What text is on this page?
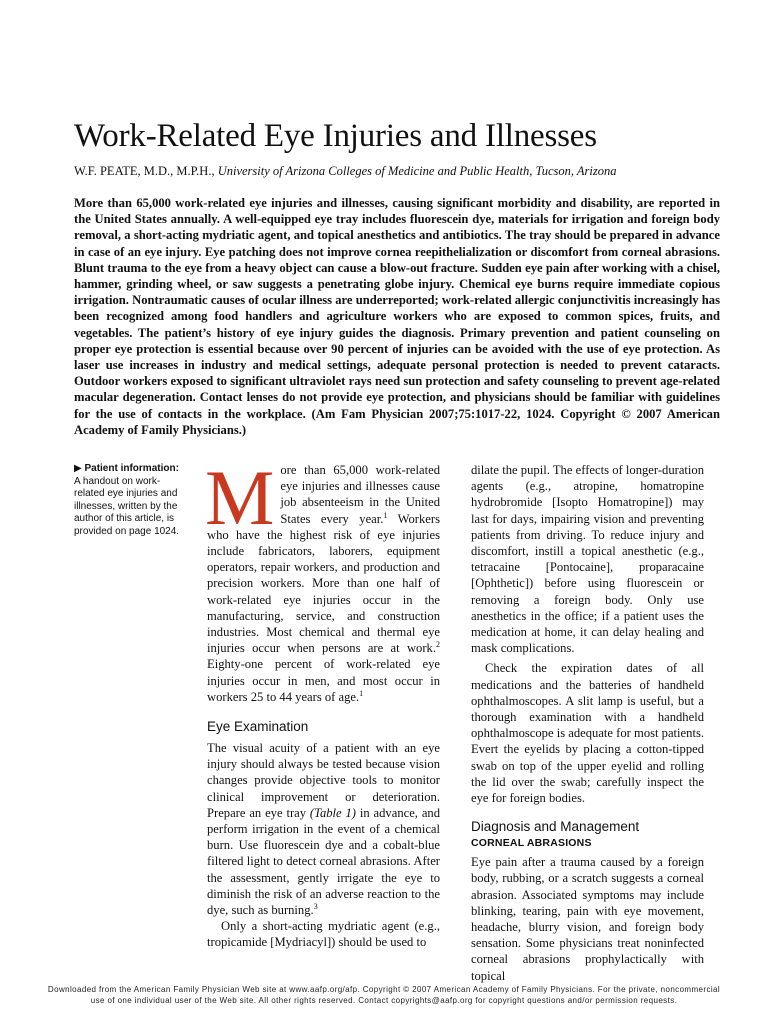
Work-Related Eye Injuries and Illnesses
W.F. PEATE, M.D., M.P.H., University of Arizona Colleges of Medicine and Public Health, Tucson, Arizona

More than 65,000 work-related eye injuries and illnesses, causing significant morbidity and disability, are reported in the United States annually. A well-equipped eye tray includes fluorescein dye, materials for irrigation and foreign body removal, a short-acting mydriatic agent, and topical anesthetics and antibiotics. The tray should be prepared in advance in case of an eye injury. Eye patching does not improve cornea reepithelialization or discomfort from corneal abrasions. Blunt trauma to the eye from a heavy object can cause a blow-out fracture. Sudden eye pain after working with a chisel, hammer, grinding wheel, or saw suggests a penetrating globe injury. Chemical eye burns require immediate copious irrigation. Nontraumatic causes of ocular illness are underreported; work-related allergic conjunctivitis increasingly has been recognized among food handlers and agriculture workers who are exposed to common spices, fruits, and vegetables. The patient’s history of eye injury guides the diagnosis. Primary prevention and patient counseling on proper eye protection is essential because over 90 percent of injuries can be avoided with the use of eye protection. As laser use increases in industry and medical settings, adequate personal protection is needed to prevent cataracts. Outdoor workers exposed to significant ultraviolet rays need sun protection and safety counseling to prevent age-related macular degeneration. Contact lenses do not provide eye protection, and physicians should be familiar with guidelines for the use of contacts in the workplace. (Am Fam Physician 2007;75:1017-22, 1024. Copyright © 2007 American Academy of Family Physicians.)

▶ Patient information:
A handout on work-related eye injuries and illnesses, written by the author of this article, is provided on page 1024. More than 65,000 work-related eye injuries and illnesses cause job absenteeism in the United States every year.$^1$ Workers who have the highest risk of eye injuries include fabricators, laborers, equipment operators, repair workers, and production and precision workers. More than one half of work-related eye injuries occur in the manufacturing, service, and construction industries. Most chemical and thermal eye injuries occur when persons are at work.$^2$ Eighty-one percent of work-related eye injuries occur in men, and most occur in workers 25 to 44 years of age.$^1$

Eye Examination

The visual acuity of a patient with an eye injury should always be tested because vision changes provide objective tools to monitor clinical improvement or deterioration. Prepare an eye tray (Table 1) in advance, and perform irrigation in the event of a chemical burn. Use fluorescein dye and a cobalt-blue filtered light to detect corneal abrasions. After the assessment, gently irrigate the eye to diminish the risk of an adverse reaction to the dye, such as burning.$^3$

Only a short-acting mydriatic agent (e.g., tropicamide [Mydriacyl]) should be used to

dilate the pupil. The effects of longer-duration agents (e.g., atropine, homatropine hydrobromide [Isopto Homatropine]) may last for days, impairing vision and preventing patients from driving. To reduce injury and discomfort, instill a topical anesthetic (e.g., tetracaine [Pontocaine], proparacaine [Ophthetic]) before using fluorescein or removing a foreign body. Only use anesthetics in the office; if a patient uses the medication at home, it can delay healing and mask complications.

Check the expiration dates of all medications and the batteries of handheld ophthalmoscopes. A slit lamp is useful, but a thorough examination with a handheld ophthalmoscope is adequate for most patients. Evert the eyelids by placing a cotton-tipped swab on top of the upper eyelid and rolling the lid over the swab; carefully inspect the eye for foreign bodies.

Diagnosis and Management
CORNEAL ABRASIONS

Eye pain after a trauma caused by a foreign body, rubbing, or a scratch suggests a corneal abrasion. Associated symptoms may include blinking, tearing, pain with eye movement, headache, blurry vision, and foreign body sensation. Some physicians treat noninfected corneal abrasions prophylactically with topical

Downloaded from the American Family Physician Web site at www.aafp.org/afp. Copyright © 2007 American Academy of Family Physicians. For the private, noncommercial
use of one individual user of the Web site. All other rights reserved. Contact copyrights@aafp.org for copyright questions and/or permission requests.
